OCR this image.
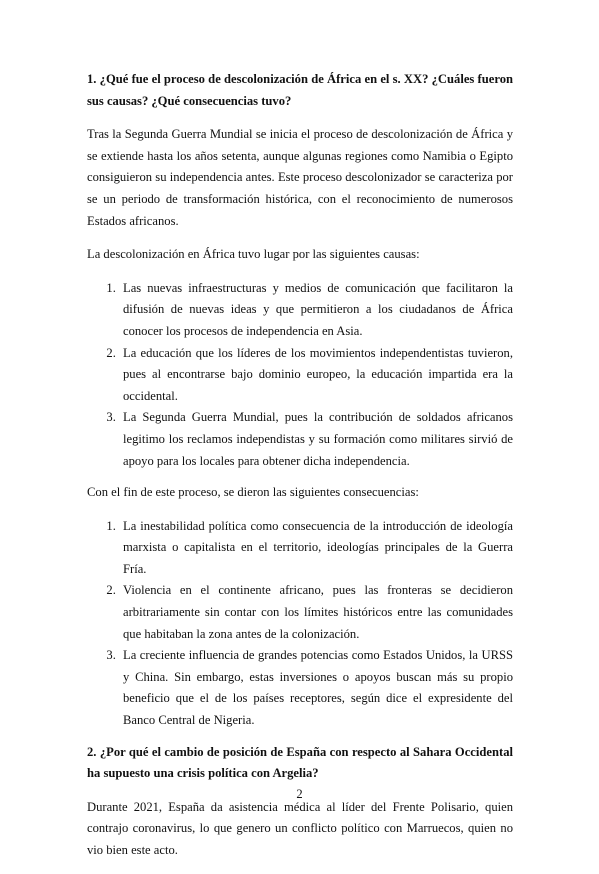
1. ¿Qué fue el proceso de descolonización de África en el s. XX? ¿Cuáles fueron sus causas? ¿Qué consecuencias tuvo?

Tras la Segunda Guerra Mundial se inicia el proceso de descolonización de África y se extiende hasta los años setenta, aunque algunas regiones como Namibia o Egipto consiguieron su independencia antes. Este proceso descolonizador se caracteriza por se un periodo de transformación histórica, con el reconocimiento de numerosos Estados africanos.

La descolonización en África tuvo lugar por las siguientes causas:

1. Las nuevas infraestructuras y medios de comunicación que facilitaron la difusión de nuevas ideas y que permitieron a los ciudadanos de África conocer los procesos de independencia en Asia.
2. La educación que los líderes de los movimientos independentistas tuvieron, pues al encontrarse bajo dominio europeo, la educación impartida era la occidental.
3. La Segunda Guerra Mundial, pues la contribución de soldados africanos legitimo los reclamos independistas y su formación como militares sirvió de apoyo para los locales para obtener dicha independencia.

Con el fin de este proceso, se dieron las siguientes consecuencias:

1. La inestabilidad política como consecuencia de la introducción de ideología marxista o capitalista en el territorio, ideologías principales de la Guerra Fría.
2. Violencia en el continente africano, pues las fronteras se decidieron arbitrariamente sin contar con los límites históricos entre las comunidades que habitaban la zona antes de la colonización.
3. La creciente influencia de grandes potencias como Estados Unidos, la URSS y China. Sin embargo, estas inversiones o apoyos buscan más su propio beneficio que el de los países receptores, según dice el expresidente del Banco Central de Nigeria.
2. ¿Por qué el cambio de posición de España con respecto al Sahara Occidental ha supuesto una crisis política con Argelia?

Durante 2021, España da asistencia médica al líder del Frente Polisario, quien contrajo coronavirus, lo que genero un conflicto político con Marruecos, quien no vio bien este acto.

2
